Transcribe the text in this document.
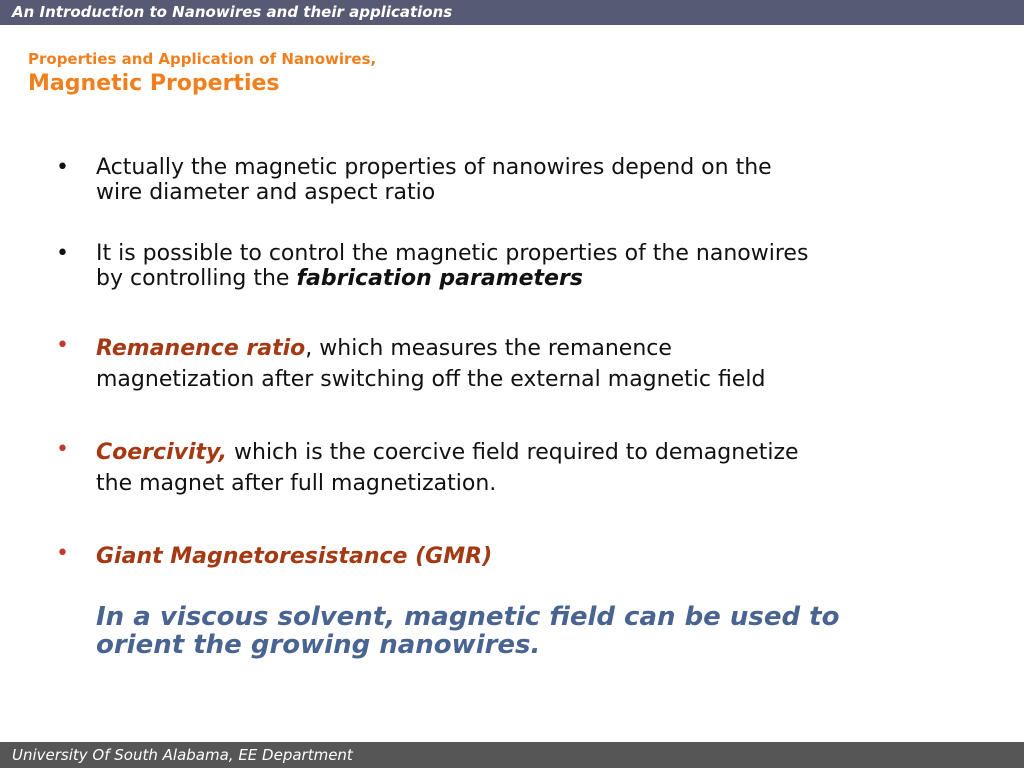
An Introduction to Nanowires and their applications
Properties and Application of Nanowires,
Magnetic Properties
•	Actually the magnetic properties of nanowires depend on the
wire diameter and aspect ratio
•	It is possible to control the magnetic properties of the nanowires
by controlling the fabrication parameters
•	Remanence ratio, which measures the remanence
magnetization after switching off the external magnetic field
•	Coercivity, which is the coercive field required to demagnetize
the magnet after full magnetization.
•	Giant Magnetoresistance (GMR)
In a viscous solvent, magnetic field can be used to
orient the growing nanowires.
University Of South Alabama, EE Department
